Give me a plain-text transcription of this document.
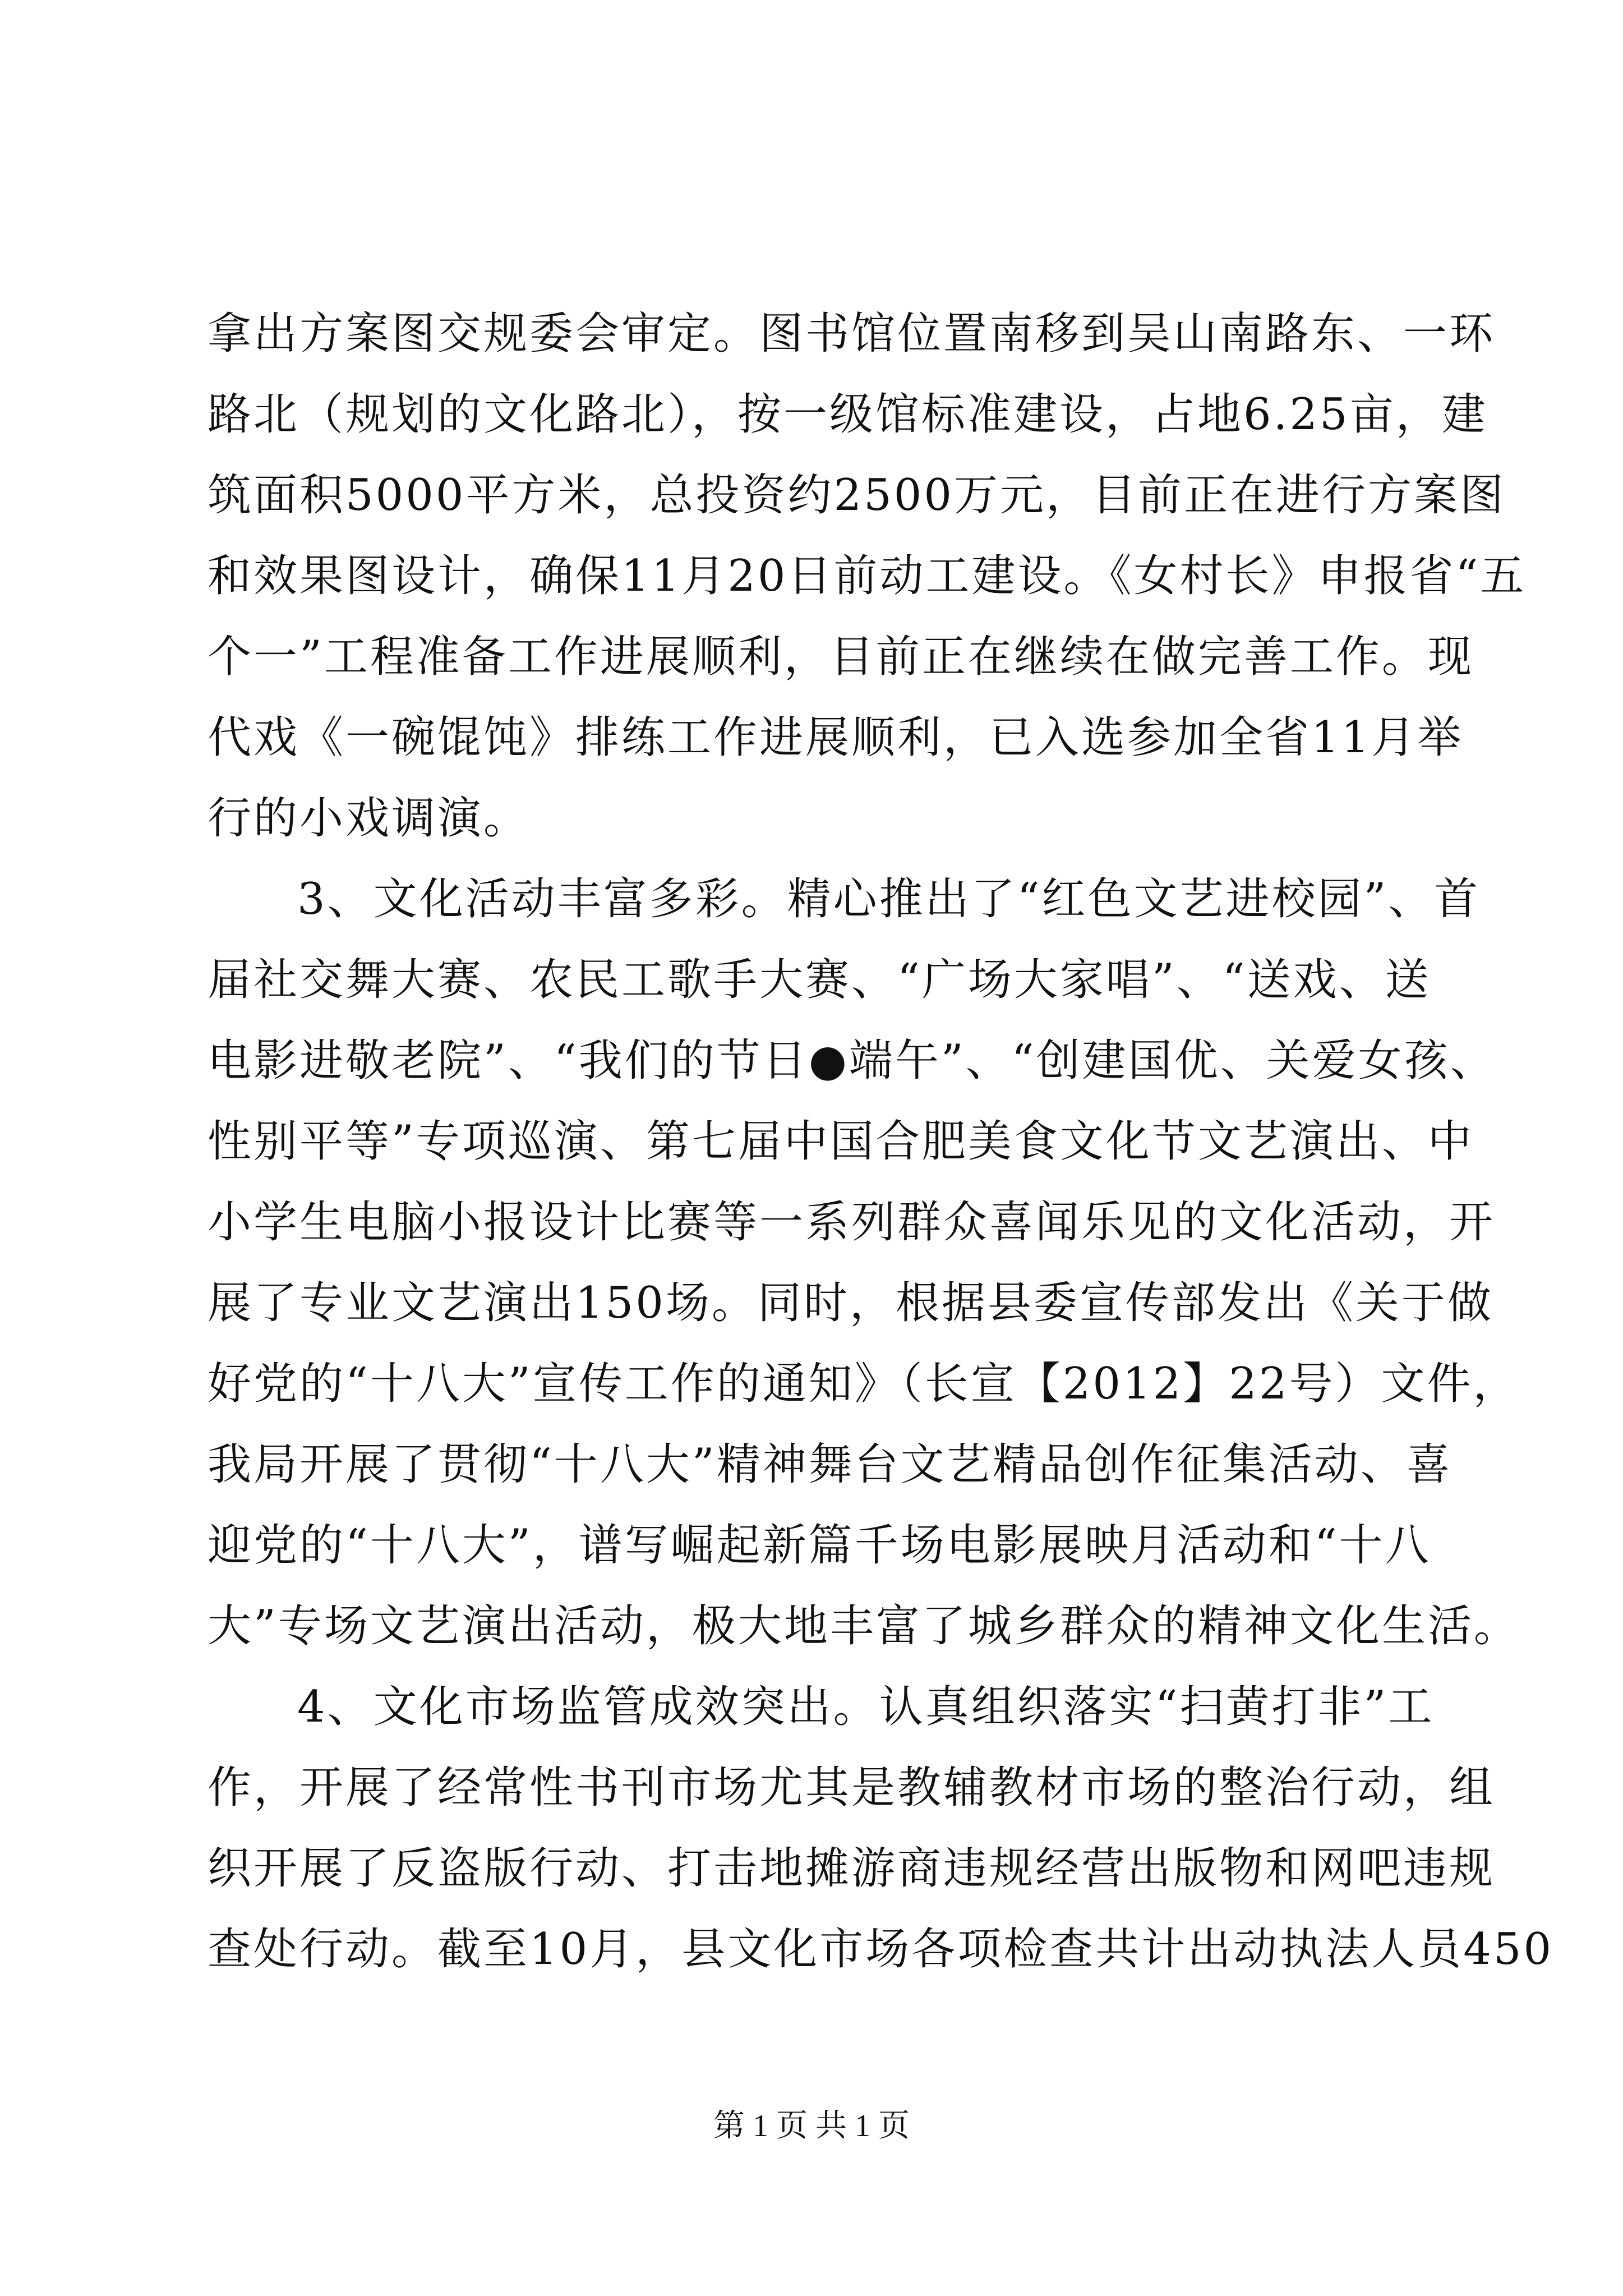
拿出方案图交规委会审定。图书馆位置南移到吴山南路东、一环
路北（规划的文化路北），按一级馆标准建设，占地6.25亩，建
筑面积5000平方米，总投资约2500万元，目前正在进行方案图
和效果图设计，确保11月20日前动工建设。《女村长》申报省“五
个一”工程准备工作进展顺利，目前正在继续在做完善工作。现
代戏《一碗馄饨》排练工作进展顺利，已入选参加全省11月举
行的小戏调演。
3、文化活动丰富多彩。精心推出了“红色文艺进校园”、首
届社交舞大赛、农民工歌手大赛、“广场大家唱”、“送戏、送
电影进敬老院”、“我们的节日●端午”、“创建国优、关爱女孩、
性别平等”专项巡演、第七届中国合肥美食文化节文艺演出、中
小学生电脑小报设计比赛等一系列群众喜闻乐见的文化活动，开
展了专业文艺演出150场。同时，根据县委宣传部发出《关于做
好党的“十八大”宣传工作的通知》（长宣【2012】22号）文件，
我局开展了贯彻“十八大”精神舞台文艺精品创作征集活动、喜
迎党的“十八大”，谱写崛起新篇千场电影展映月活动和“十八
大”专场文艺演出活动，极大地丰富了城乡群众的精神文化生活。
4、文化市场监管成效突出。认真组织落实“扫黄打非”工
作，开展了经常性书刊市场尤其是教辅教材市场的整治行动，组
织开展了反盗版行动、打击地摊游商违规经营出版物和网吧违规
查处行动。截至10月，县文化市场各项检查共计出动执法人员450
第 1 页 共 1 页
